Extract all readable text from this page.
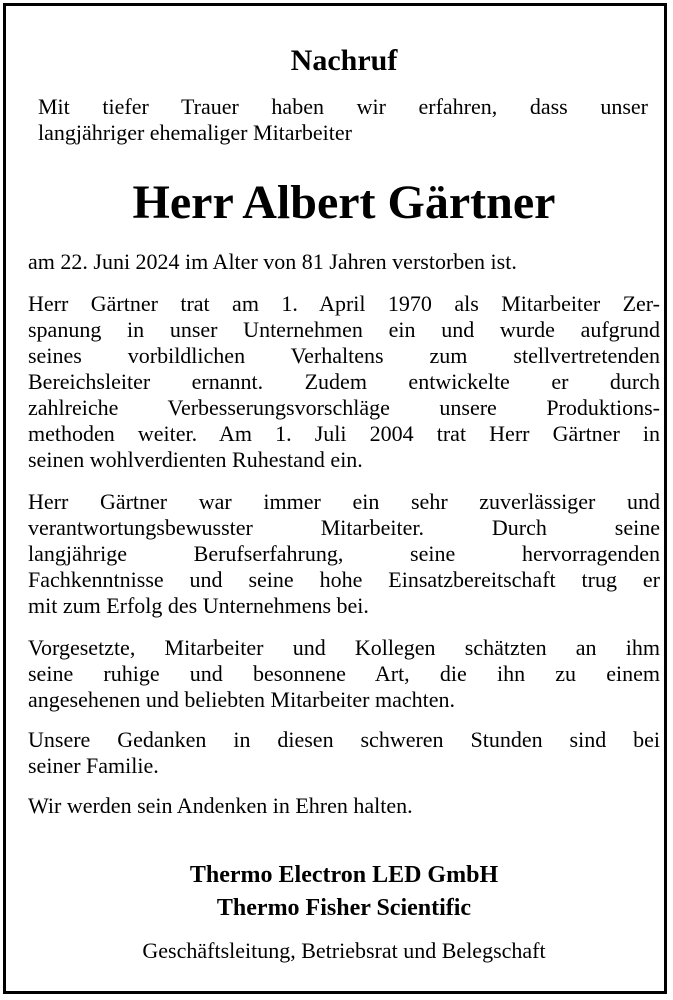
Nachruf
Mit tiefer Trauer haben wir erfahren, dass unser
langjähriger ehemaliger Mitarbeiter
Herr Albert Gärtner

am 22. Juni 2024 im Alter von 81 Jahren verstorben ist.

Herr Gärtner trat am 1. April 1970 als Mitarbeiter Zer-
spanung in unser Unternehmen ein und wurde aufgrund
seines vorbildlichen Verhaltens zum stellvertretenden
Bereichsleiter ernannt. Zudem entwickelte er durch
zahlreiche Verbesserungsvorschläge unsere Produktions-
methoden weiter. Am 1. Juli 2004 trat Herr Gärtner in
seinen wohlverdienten Ruhestand ein.

Herr Gärtner war immer ein sehr zuverlässiger und
verantwortungsbewusster Mitarbeiter. Durch seine
langjährige Berufserfahrung, seine hervorragenden
Fachkenntnisse und seine hohe Einsatzbereitschaft trug er
mit zum Erfolg des Unternehmens bei.

Vorgesetzte, Mitarbeiter und Kollegen schätzten an ihm
seine ruhige und besonnene Art, die ihn zu einem
angesehenen und beliebten Mitarbeiter machten.

Unsere Gedanken in diesen schweren Stunden sind bei
seiner Familie.

Wir werden sein Andenken in Ehren halten.

Thermo Electron LED GmbH
Thermo Fisher Scientific
Geschäftsleitung, Betriebsrat und Belegschaft
